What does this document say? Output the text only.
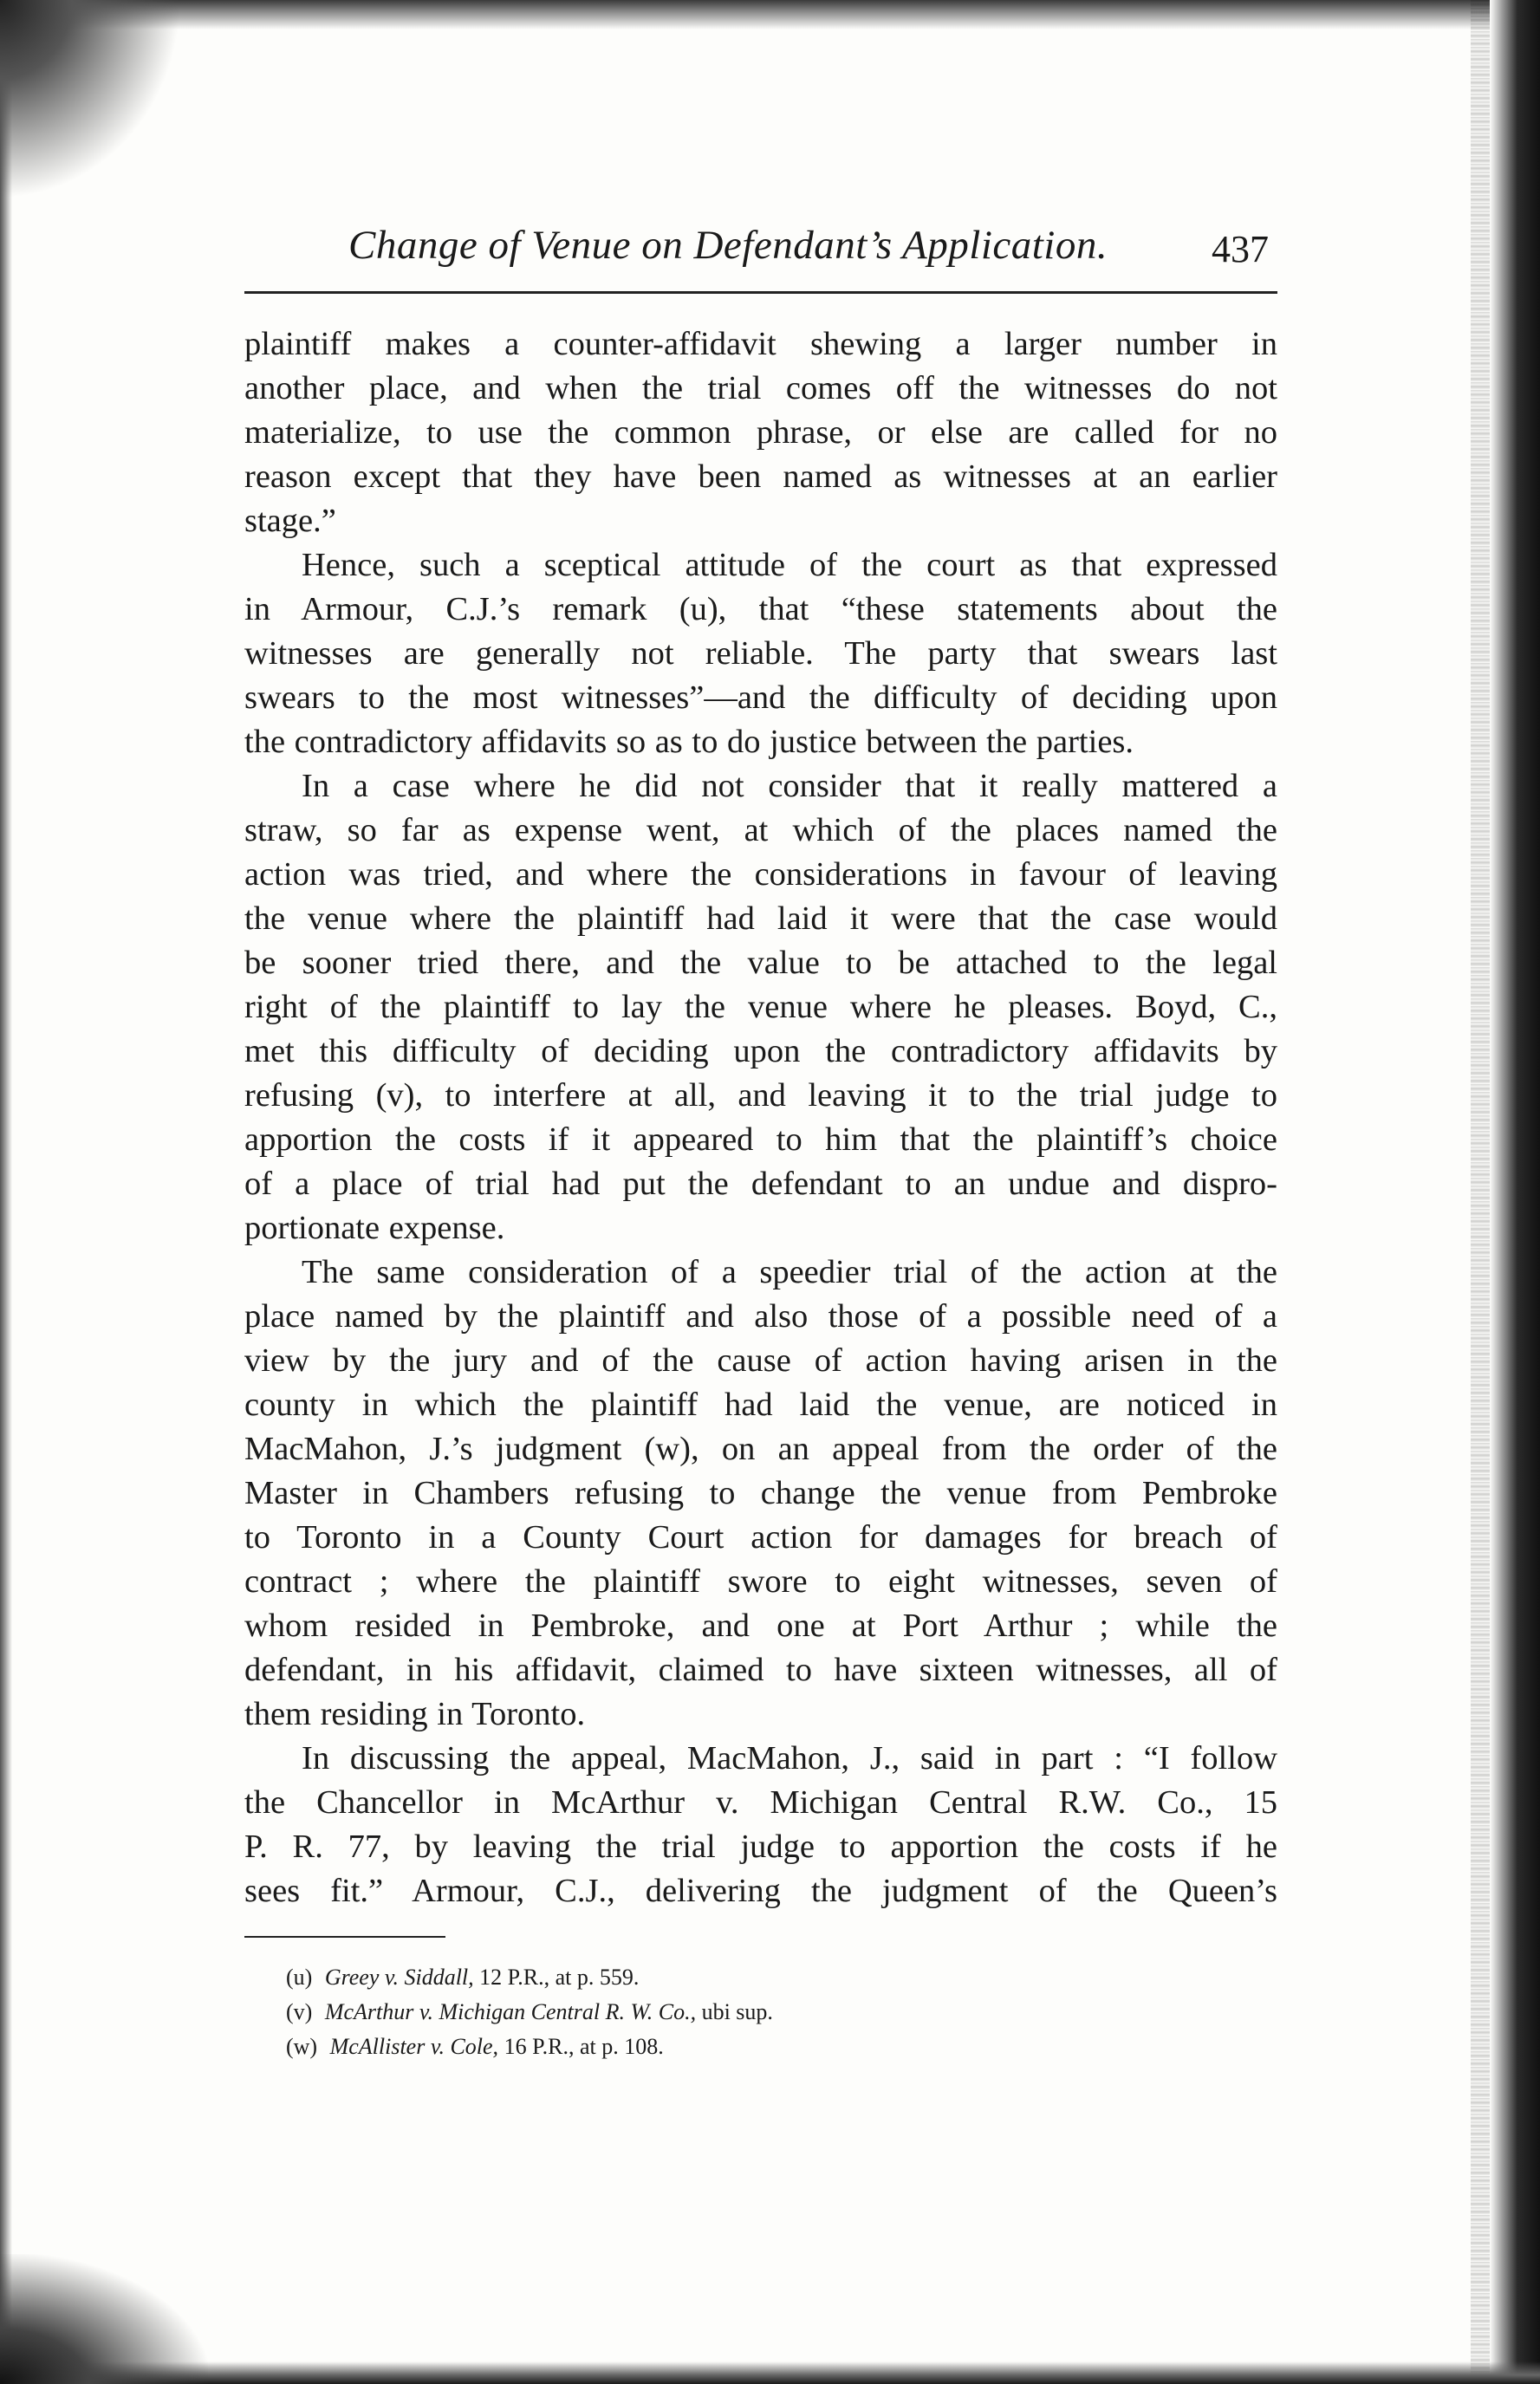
Change of Venue on Defendant’s Application.	437
plaintiff makes a counter-affidavit shewing a larger number in
another place, and when the trial comes off the witnesses do not
materialize, to use the common phrase, or else are called for no
reason except that they have been named as witnesses at an earlier
stage.”
Hence, such a sceptical attitude of the court as that expressed
in Armour, C.J.’s remark (u), that “these statements about the
witnesses are generally not reliable. The party that swears last
swears to the most witnesses”—and the difficulty of deciding upon
the contradictory affidavits so as to do justice between the parties.
In a case where he did not consider that it really mattered a
straw, so far as expense went, at which of the places named the
action was tried, and where the considerations in favour of leaving
the venue where the plaintiff had laid it were that the case would
be sooner tried there, and the value to be attached to the legal
right of the plaintiff to lay the venue where he pleases. Boyd, C.,
met this difficulty of deciding upon the contradictory affidavits by
refusing (v), to interfere at all, and leaving it to the trial judge to
apportion the costs if it appeared to him that the plaintiff’s choice
of a place of trial had put the defendant to an undue and dispro-
portionate expense.
The same consideration of a speedier trial of the action at the
place named by the plaintiff and also those of a possible need of a
view by the jury and of the cause of action having arisen in the
county in which the plaintiff had laid the venue, are noticed in
MacMahon, J.’s judgment (w), on an appeal from the order of the
Master in Chambers refusing to change the venue from Pembroke
to Toronto in a County Court action for damages for breach of
contract ; where the plaintiff swore to eight witnesses, seven of
whom resided in Pembroke, and one at Port Arthur ; while the
defendant, in his affidavit, claimed to have sixteen witnesses, all of
them residing in Toronto.
In discussing the appeal, MacMahon, J., said in part : “I follow
the Chancellor in McArthur v. Michigan Central R.W. Co., 15
P. R. 77, by leaving the trial judge to apportion the costs if he
sees fit.” Armour, C.J., delivering the judgment of the Queen’s
(u) Greey v. Siddall, 12 P.R., at p. 559.
(v) McArthur v. Michigan Central R. W. Co., ubi sup.
(w) McAllister v. Cole, 16 P.R., at p. 108.
